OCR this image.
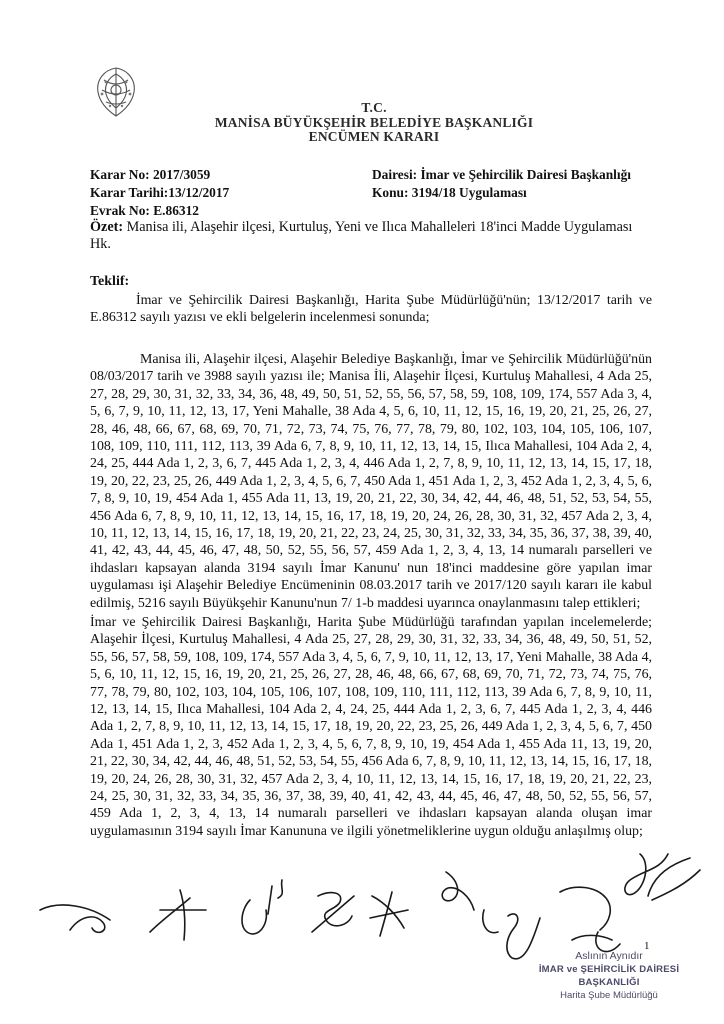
T.C.
MANİSA BÜYÜKŞEHİR BELEDİYE BAŞKANLIĞI
ENCÜMEN KARARI
Karar No: 2017/3059
Karar Tarihi:13/12/2017
Evrak No: E.86312
Dairesi: İmar ve Şehircilik Dairesi Başkanlığı
Konu: 3194/18 Uygulaması
Özet: Manisa ili, Alaşehir ilçesi, Kurtuluş, Yeni ve Ilıca Mahalleleri 18'inci Madde Uygulaması Hk.
Teklif:
İmar ve Şehircilik Dairesi Başkanlığı, Harita Şube Müdürlüğü'nün; 13/12/2017 tarih ve E.86312 sayılı yazısı ve ekli belgelerin incelenmesi sonunda;
Manisa ili, Alaşehir ilçesi, Alaşehir Belediye Başkanlığı, İmar ve Şehircilik Müdürlüğü'nün 08/03/2017 tarih ve 3988 sayılı yazısı ile; Manisa İli, Alaşehir İlçesi, Kurtuluş Mahallesi, 4 Ada 25, 27, 28, 29, 30, 31, 32, 33, 34, 36, 48, 49, 50, 51, 52, 55, 56, 57, 58, 59, 108, 109, 174, 557 Ada 3, 4, 5, 6, 7, 9, 10, 11, 12, 13, 17, Yeni Mahalle, 38 Ada 4, 5, 6, 10, 11, 12, 15, 16, 19, 20, 21, 25, 26, 27, 28, 46, 48, 66, 67, 68, 69, 70, 71, 72, 73, 74, 75, 76, 77, 78, 79, 80, 102, 103, 104, 105, 106, 107, 108, 109, 110, 111, 112, 113, 39 Ada 6, 7, 8, 9, 10, 11, 12, 13, 14, 15, Ilıca Mahallesi, 104 Ada 2, 4, 24, 25, 444 Ada 1, 2, 3, 6, 7, 445 Ada 1, 2, 3, 4, 446 Ada 1, 2, 7, 8, 9, 10, 11, 12, 13, 14, 15, 17, 18, 19, 20, 22, 23, 25, 26, 449 Ada 1, 2, 3, 4, 5, 6, 7, 450 Ada 1, 451 Ada 1, 2, 3, 452 Ada 1, 2, 3, 4, 5, 6, 7, 8, 9, 10, 19, 454 Ada 1, 455 Ada 11, 13, 19, 20, 21, 22, 30, 34, 42, 44, 46, 48, 51, 52, 53, 54, 55, 456 Ada 6, 7, 8, 9, 10, 11, 12, 13, 14, 15, 16, 17, 18, 19, 20, 24, 26, 28, 30, 31, 32, 457 Ada 2, 3, 4, 10, 11, 12, 13, 14, 15, 16, 17, 18, 19, 20, 21, 22, 23, 24, 25, 30, 31, 32, 33, 34, 35, 36, 37, 38, 39, 40, 41, 42, 43, 44, 45, 46, 47, 48, 50, 52, 55, 56, 57, 459 Ada 1, 2, 3, 4, 13, 14 numaralı parselleri ve ihdasları kapsayan alanda 3194 sayılı İmar Kanunu' nun 18'inci maddesine göre yapılan imar uygulaması işi Alaşehir Belediye Encümeninin 08.03.2017 tarih ve 2017/120 sayılı kararı ile kabul edilmiş, 5216 sayılı Büyükşehir Kanunu'nun 7/ 1-b maddesi uyarınca onaylanmasını talep ettikleri;
İmar ve Şehircilik Dairesi Başkanlığı, Harita Şube Müdürlüğü tarafından yapılan incelemelerde; Alaşehir İlçesi, Kurtuluş Mahallesi, 4 Ada 25, 27, 28, 29, 30, 31, 32, 33, 34, 36, 48, 49, 50, 51, 52, 55, 56, 57, 58, 59, 108, 109, 174, 557 Ada 3, 4, 5, 6, 7, 9, 10, 11, 12, 13, 17, Yeni Mahalle, 38 Ada 4, 5, 6, 10, 11, 12, 15, 16, 19, 20, 21, 25, 26, 27, 28, 46, 48, 66, 67, 68, 69, 70, 71, 72, 73, 74, 75, 76, 77, 78, 79, 80, 102, 103, 104, 105, 106, 107, 108, 109, 110, 111, 112, 113, 39 Ada 6, 7, 8, 9, 10, 11, 12, 13, 14, 15, Ilıca Mahallesi, 104 Ada 2, 4, 24, 25, 444 Ada 1, 2, 3, 6, 7, 445 Ada 1, 2, 3, 4, 446 Ada 1, 2, 7, 8, 9, 10, 11, 12, 13, 14, 15, 17, 18, 19, 20, 22, 23, 25, 26, 449 Ada 1, 2, 3, 4, 5, 6, 7, 450 Ada 1, 451 Ada 1, 2, 3, 452 Ada 1, 2, 3, 4, 5, 6, 7, 8, 9, 10, 19, 454 Ada 1, 455 Ada 11, 13, 19, 20, 21, 22, 30, 34, 42, 44, 46, 48, 51, 52, 53, 54, 55, 456 Ada 6, 7, 8, 9, 10, 11, 12, 13, 14, 15, 16, 17, 18, 19, 20, 24, 26, 28, 30, 31, 32, 457 Ada 2, 3, 4, 10, 11, 12, 13, 14, 15, 16, 17, 18, 19, 20, 21, 22, 23, 24, 25, 30, 31, 32, 33, 34, 35, 36, 37, 38, 39, 40, 41, 42, 43, 44, 45, 46, 47, 48, 50, 52, 55, 56, 57, 459 Ada 1, 2, 3, 4, 13, 14 numaralı parselleri ve ihdasları kapsayan alanda oluşan imar uygulamasının 3194 sayılı İmar Kanununa ve ilgili yönetmeliklerine uygun olduğu anlaşılmış olup;
1
Aslının Aynıdır
İMAR ve ŞEHİRCİLİK DAİRESİ BAŞKANLIĞI
Harita Şube Müdürlüğü
